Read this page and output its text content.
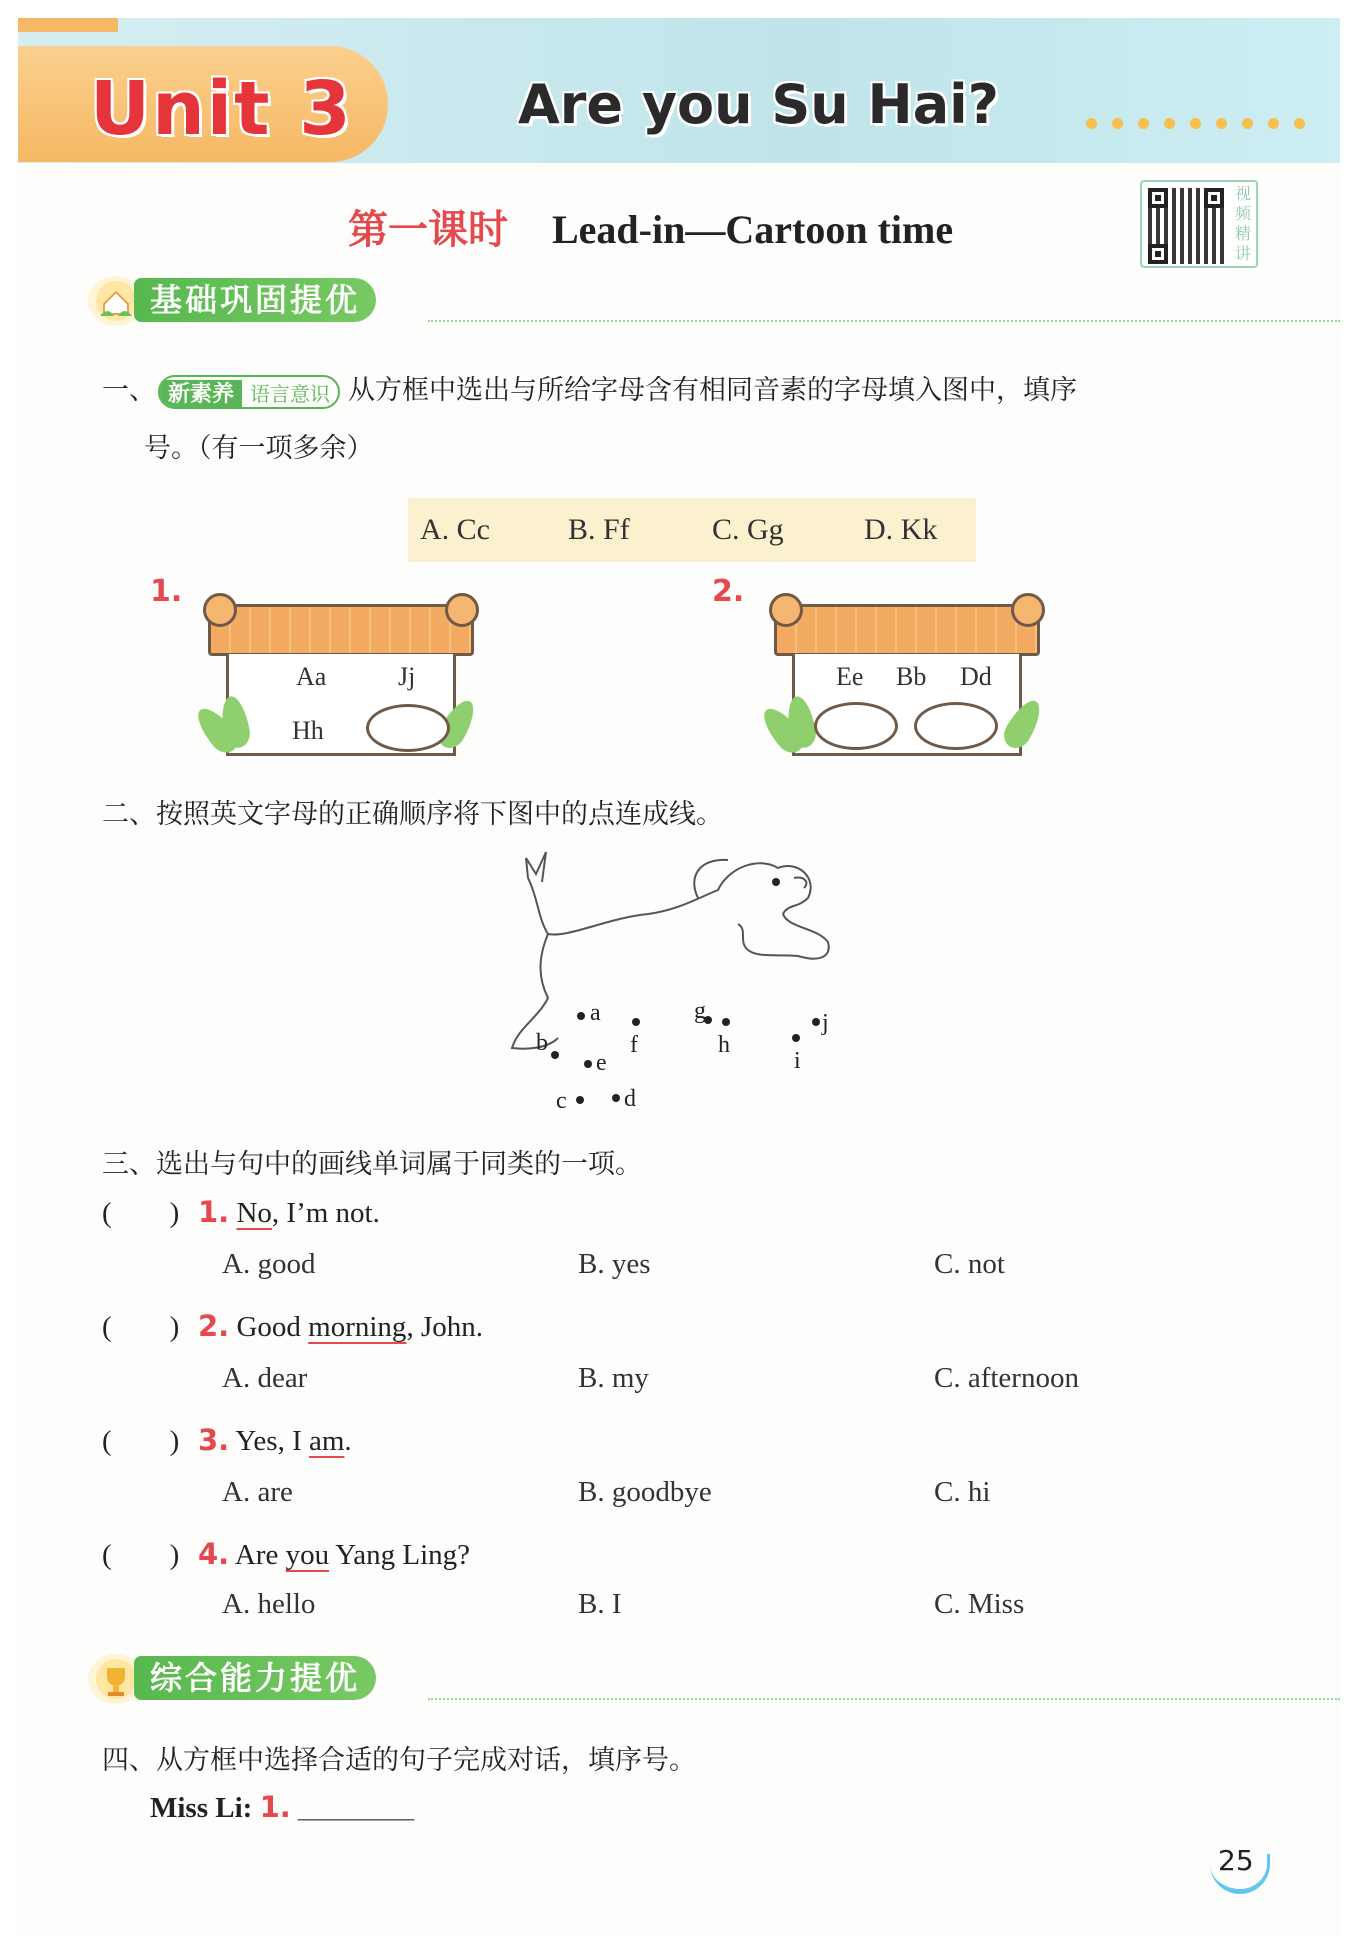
Unit 3	Are you Su Hai?
第一课时 Lead-in—Cartoon time
视频精讲
基础巩固提优
一、 新素养 语言意识 从方框中选出与所给字母含有相同音素的字母填入图中，填序
号。（有一项多余）
A. Cc	B. Ff	C. Gg	D. Kk
1.
Aa	Jj
Hh
2.
Ee Bb Dd
二、按照英文字母的正确顺序将下图中的点连成线。
a
b
c d
e
f
g
h
i
j
三、选出与句中的画线单词属于同类的一项。
(　　) 1. No, I’m not.
A. good	B. yes	C. not
(　　) 2. Good morning, John.
A. dear	B. my	C. afternoon
(　　) 3. Yes, I am.
A. are	B. goodbye	C. hi
(　　) 4. Are you Yang Ling?
A. hello	B. I	C. Miss
综合能力提优
四、从方框中选择合适的句子完成对话，填序号。
Miss Li: 1. ________
25
